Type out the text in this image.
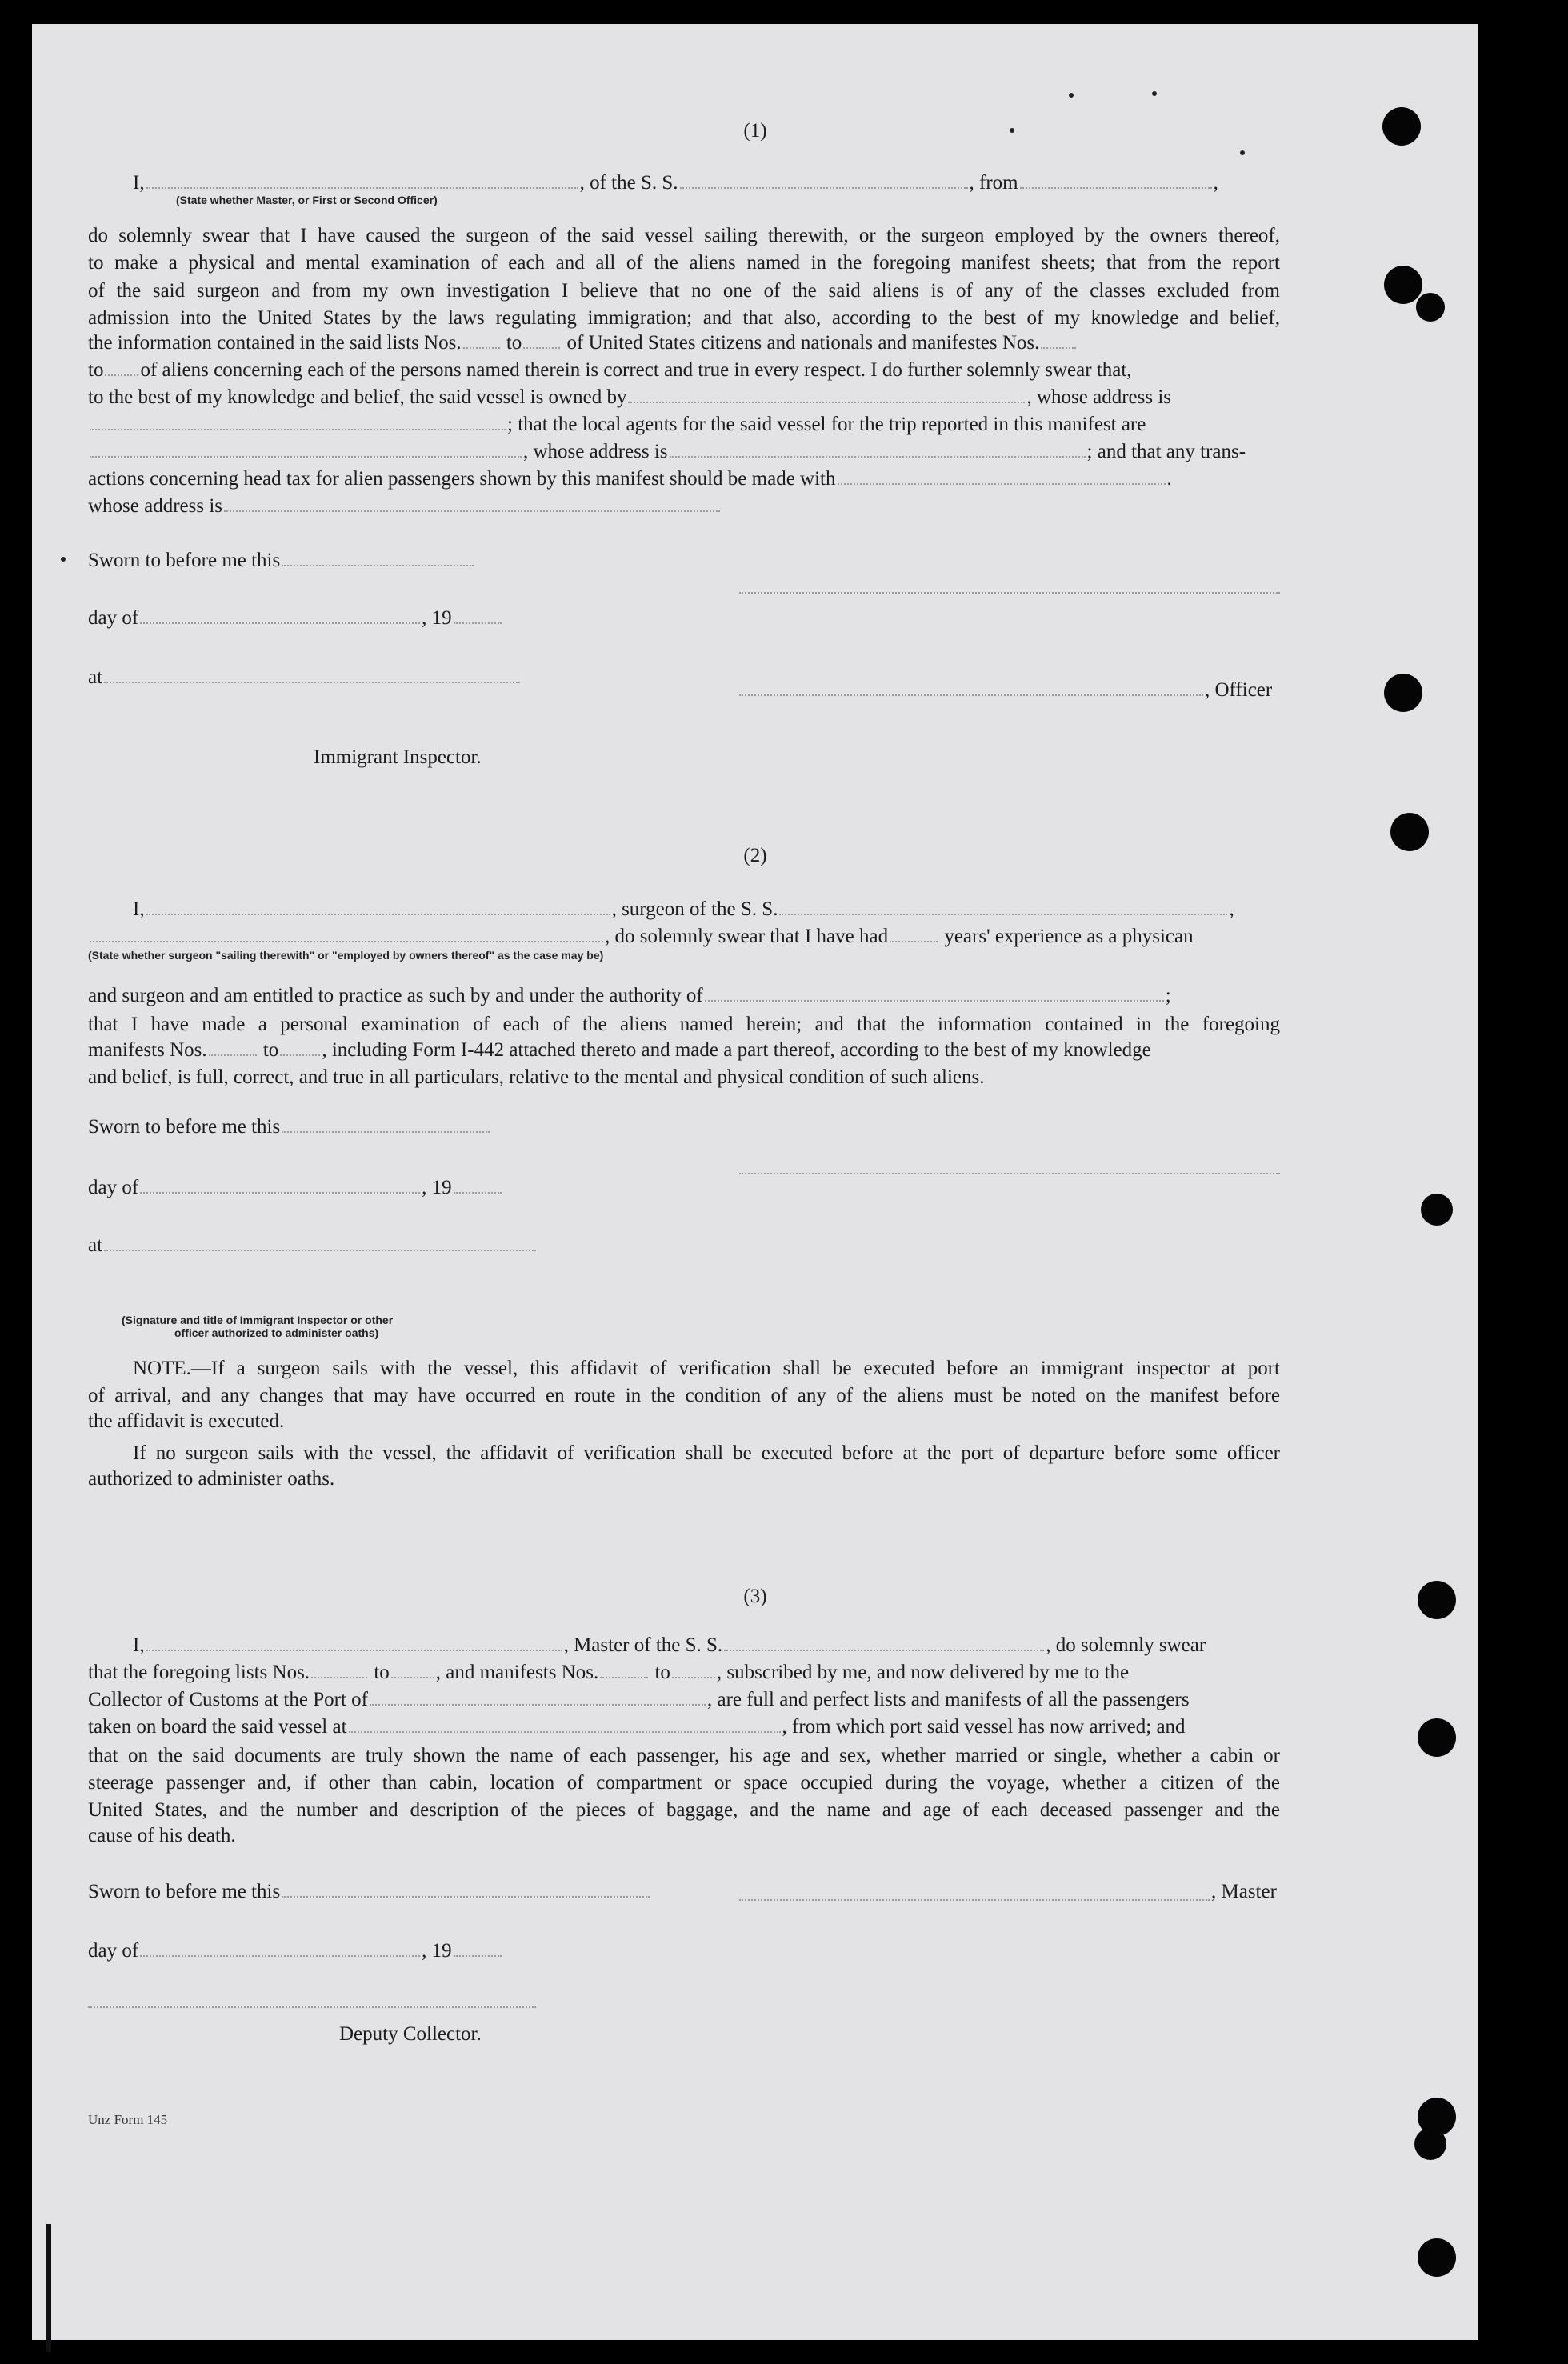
(1)
I,	, of the S. S.	, from	,
(State whether Master, or First or Second Officer)
do solemnly swear that I have caused the surgeon of the said vessel sailing therewith, or the surgeon employed by the owners thereof,
to make a physical and mental examination of each and all of the aliens named in the foregoing manifest sheets; that from the report
of the said surgeon and from my own investigation I believe that no one of the said aliens is of any of the classes excluded from
admission into the United States by the laws regulating immigration; and that also, according to the best of my knowledge and belief,
the information contained in the said lists Nos. to of United States citizens and nationals and manifestes Nos.
to of aliens concerning each of the persons named therein is correct and true in every respect. I do further solemnly swear that,
to the best of my knowledge and belief, the said vessel is owned by	, whose address is
; that the local agents for the said vessel for the trip reported in this manifest are
, whose address is	; and that any trans-
actions concerning head tax for alien passengers shown by this manifest should be made with	.
whose address is
Sworn to before me this
day of	, 19
at
, Officer
Immigrant Inspector.
(2)
I,	, surgeon of the S. S.	,
, do solemnly swear that I have had	years' experience as a physican
(State whether surgeon "sailing therewith" or "employed by owners thereof" as the case may be)
and surgeon and am entitled to practice as such by and under the authority of	;
that I have made a personal examination of each of the aliens named herein; and that the information contained in the foregoing
manifests Nos.	to , including Form I-442 attached thereto and made a part thereof, according to the best of my knowledge
and belief, is full, correct, and true in all particulars, relative to the mental and physical condition of such aliens.
Sworn to before me this
day of	, 19
at
(Signature and title of Immigrant Inspector or other
officer authorized to administer oaths)
NOTE.—If a surgeon sails with the vessel, this affidavit of verification shall be executed before an immigrant inspector at port
of arrival, and any changes that may have occurred en route in the condition of any of the aliens must be noted on the manifest before
the affidavit is executed.
If no surgeon sails with the vessel, the affidavit of verification shall be executed before at the port of departure before some officer
authorized to administer oaths.
(3)
I,	, Master of the S. S.	, do solemnly swear
that the foregoing lists Nos.	to , and manifests Nos.	to , subscribed by me, and now delivered by me to the
Collector of Customs at the Port of	, are full and perfect lists and manifests of all the passengers
taken on board the said vessel at	, from which port said vessel has now arrived; and
that on the said documents are truly shown the name of each passenger, his age and sex, whether married or single, whether a cabin or
steerage passenger and, if other than cabin, location of compartment or space occupied during the voyage, whether a citizen of the
United States, and the number and description of the pieces of baggage, and the name and age of each deceased passenger and the
cause of his death.
Sworn to before me this	, Master
day of	, 19
Deputy Collector.
Unz Form 145
